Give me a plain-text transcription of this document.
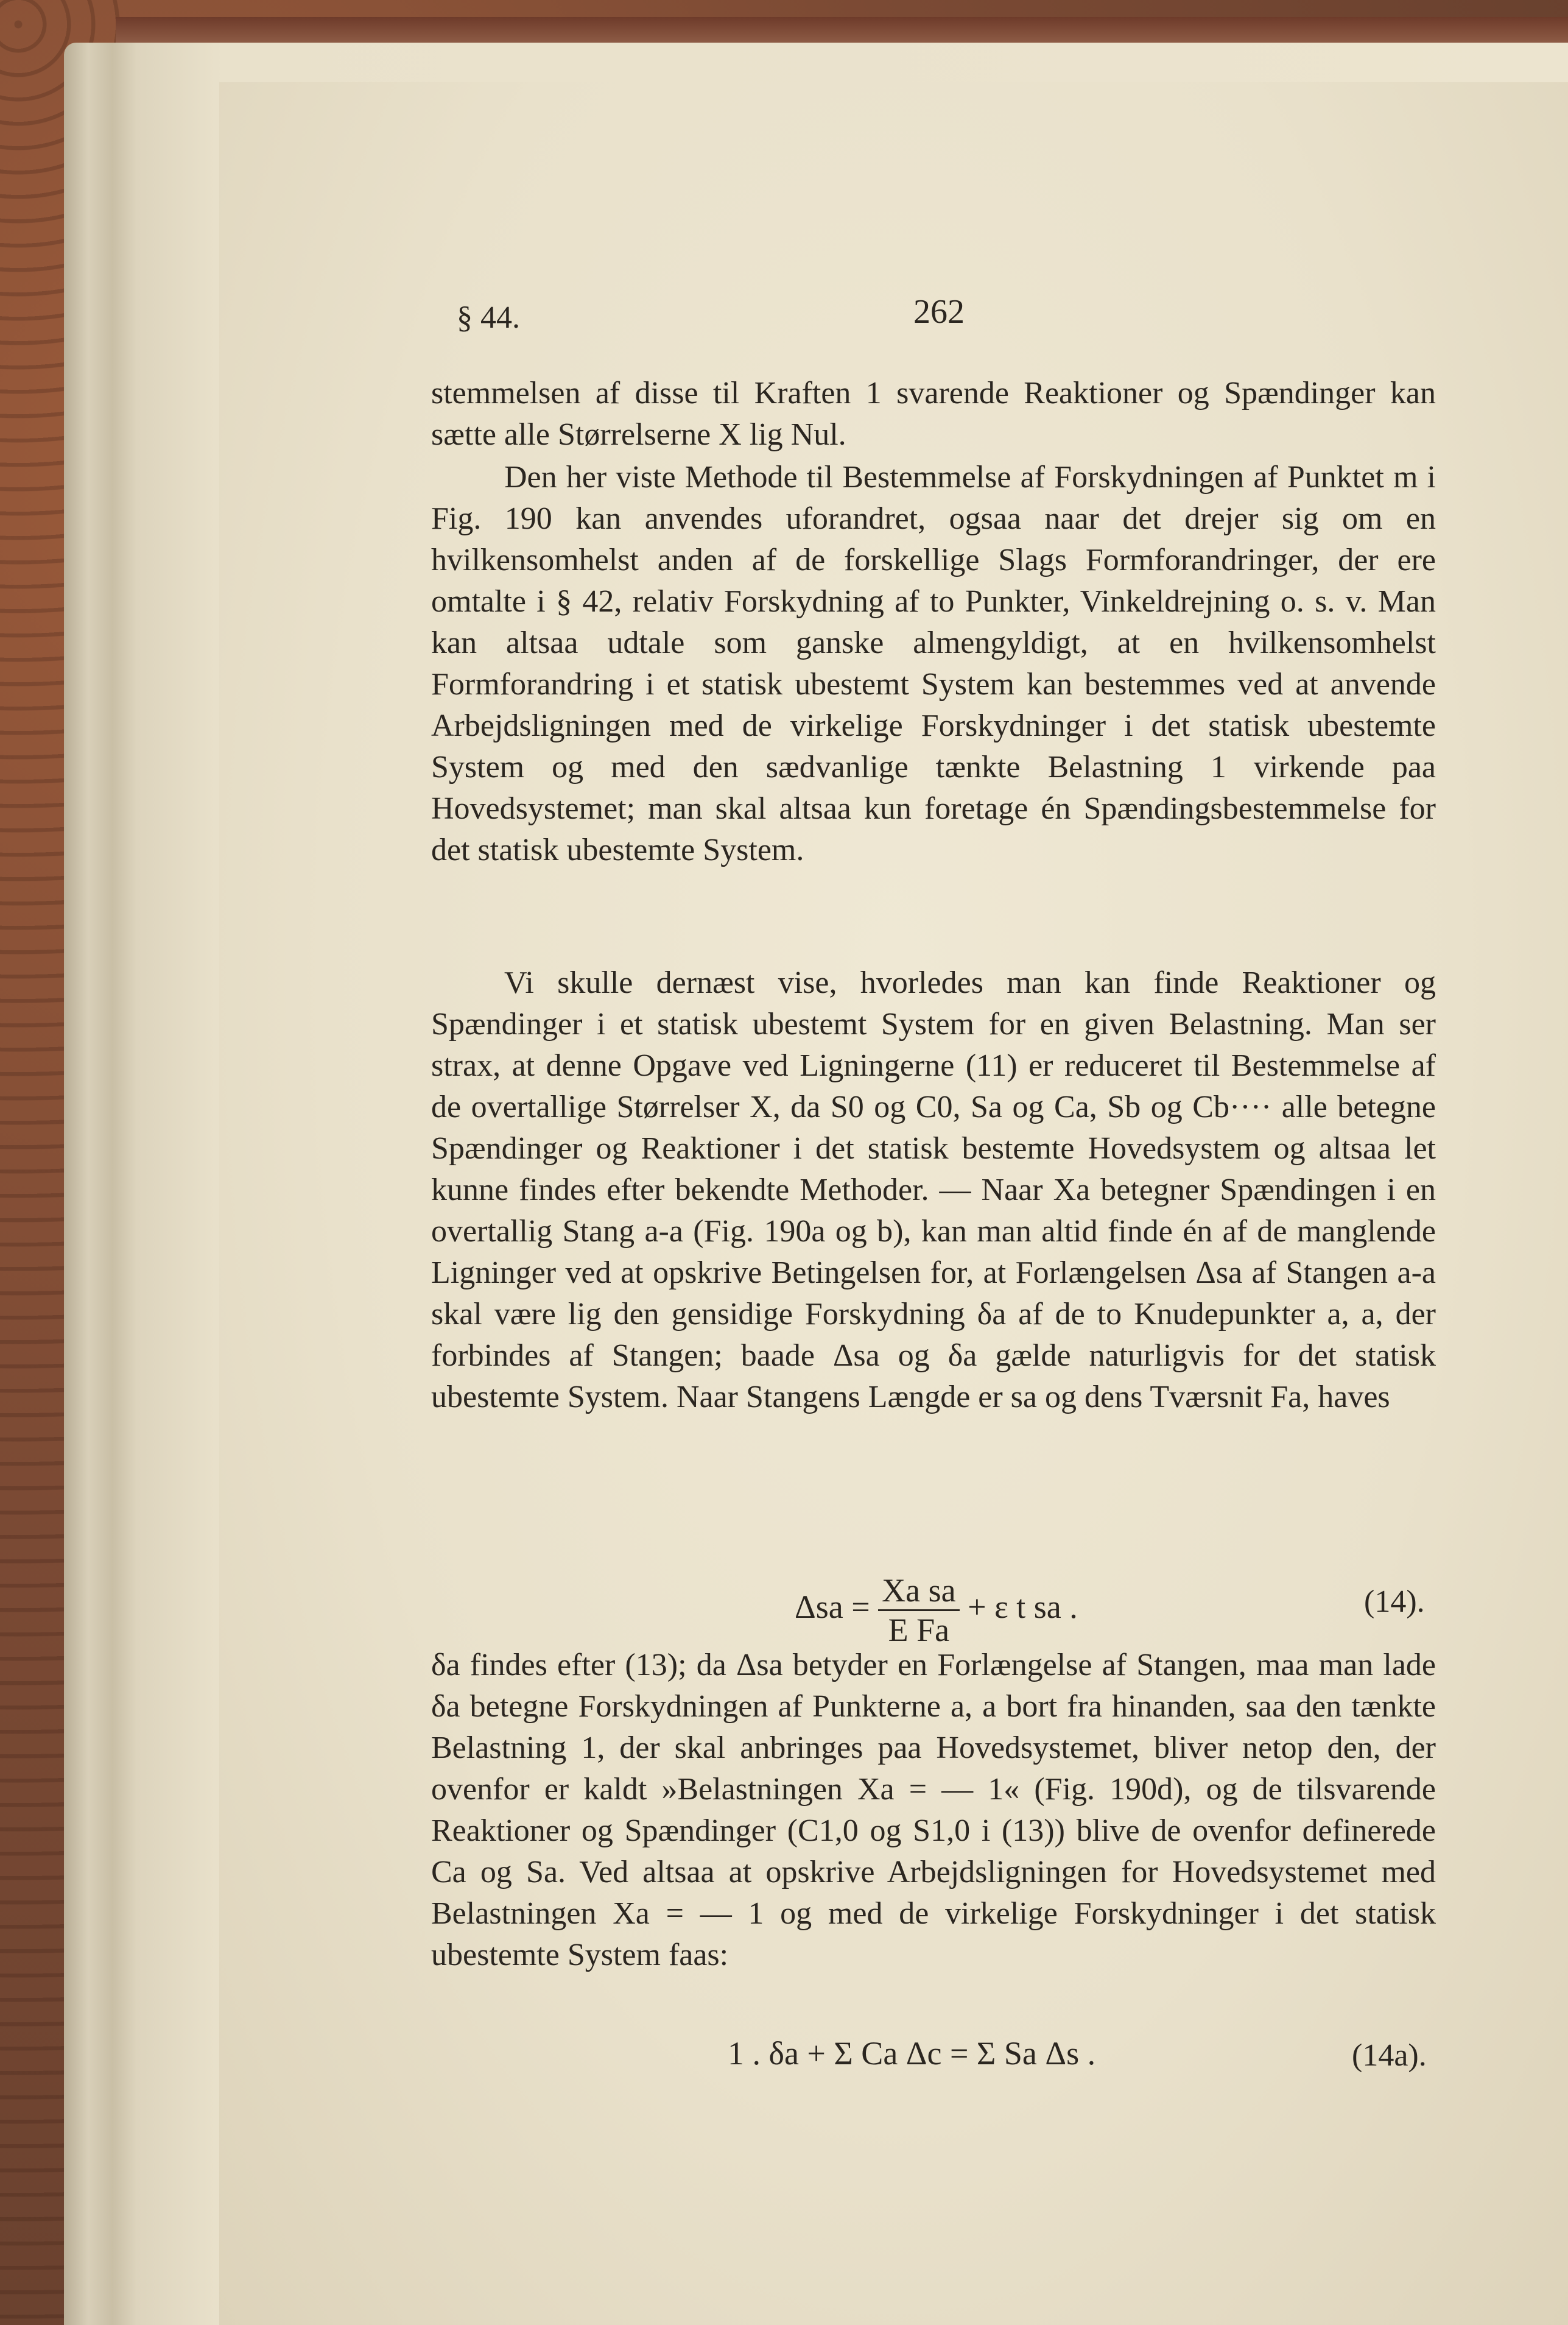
§ 44.	262
stemmelsen af disse til Kraften 1 svarende Reaktioner og Spændinger kan sætte alle Størrelserne X lig Nul.
Den her viste Methode til Bestemmelse af Forskydningen af Punktet m i Fig. 190 kan anvendes uforandret, ogsaa naar det drejer sig om en hvilkensomhelst anden af de forskellige Slags Formforandringer, der ere omtalte i § 42, relativ Forskydning af to Punkter, Vinkeldrejning o. s. v. Man kan altsaa udtale som ganske almengyldigt, at en hvilkensomhelst Formforandring i et statisk ubestemt System kan bestemmes ved at anvende Arbejdsligningen med de virkelige Forskydninger i det statisk ubestemte System og med den sædvanlige tænkte Belastning 1 virkende paa Hovedsystemet; man skal altsaa kun foretage én Spændingsbestemmelse for det statisk ubestemte System.
Vi skulle dernæst vise, hvorledes man kan finde Reaktioner og Spændinger i et statisk ubestemt System for en given Belastning. Man ser strax, at denne Opgave ved Ligningerne (11) er reduceret til Bestemmelse af de overtallige Størrelser X, da S0 og C0, Sa og Ca, Sb og Cb···· alle betegne Spændinger og Reaktioner i det statisk bestemte Hovedsystem og altsaa let kunne findes efter bekendte Methoder. — Naar Xa betegner Spændingen i en overtallig Stang a-a (Fig. 190a og b), kan man altid finde én af de manglende Ligninger ved at opskrive Betingelsen for, at Forlængelsen Δsa af Stangen a-a skal være lig den gensidige Forskydning δa af de to Knudepunkter a, a, der forbindes af Stangen; baade Δsa og δa gælde naturligvis for det statisk ubestemte System. Naar Stangens Længde er sa og dens Tværsnit Fa, haves
$\Delta sa = \frac{\text{Xa sa}}{\text{E Fa}} + \varepsilon$ t sa .	(14).
δa findes efter (13); da Δsa betyder en Forlængelse af Stangen, maa man lade δa betegne Forskydningen af Punkterne a, a bort fra hinanden, saa den tænkte Belastning 1, der skal anbringes paa Hovedsystemet, bliver netop den, der ovenfor er kaldt »Belastningen Xa = — 1« (Fig. 190d), og de tilsvarende Reaktioner og Spændinger (C1,0 og S1,0 i (13)) blive de ovenfor definerede Ca og Sa. Ved altsaa at opskrive Arbejdsligningen for Hovedsystemet med Belastningen Xa = — 1 og med de virkelige Forskydninger i det statisk ubestemte System faas:
1 . δa + Σ Ca Δc = Σ Sa Δs .	(14a).
